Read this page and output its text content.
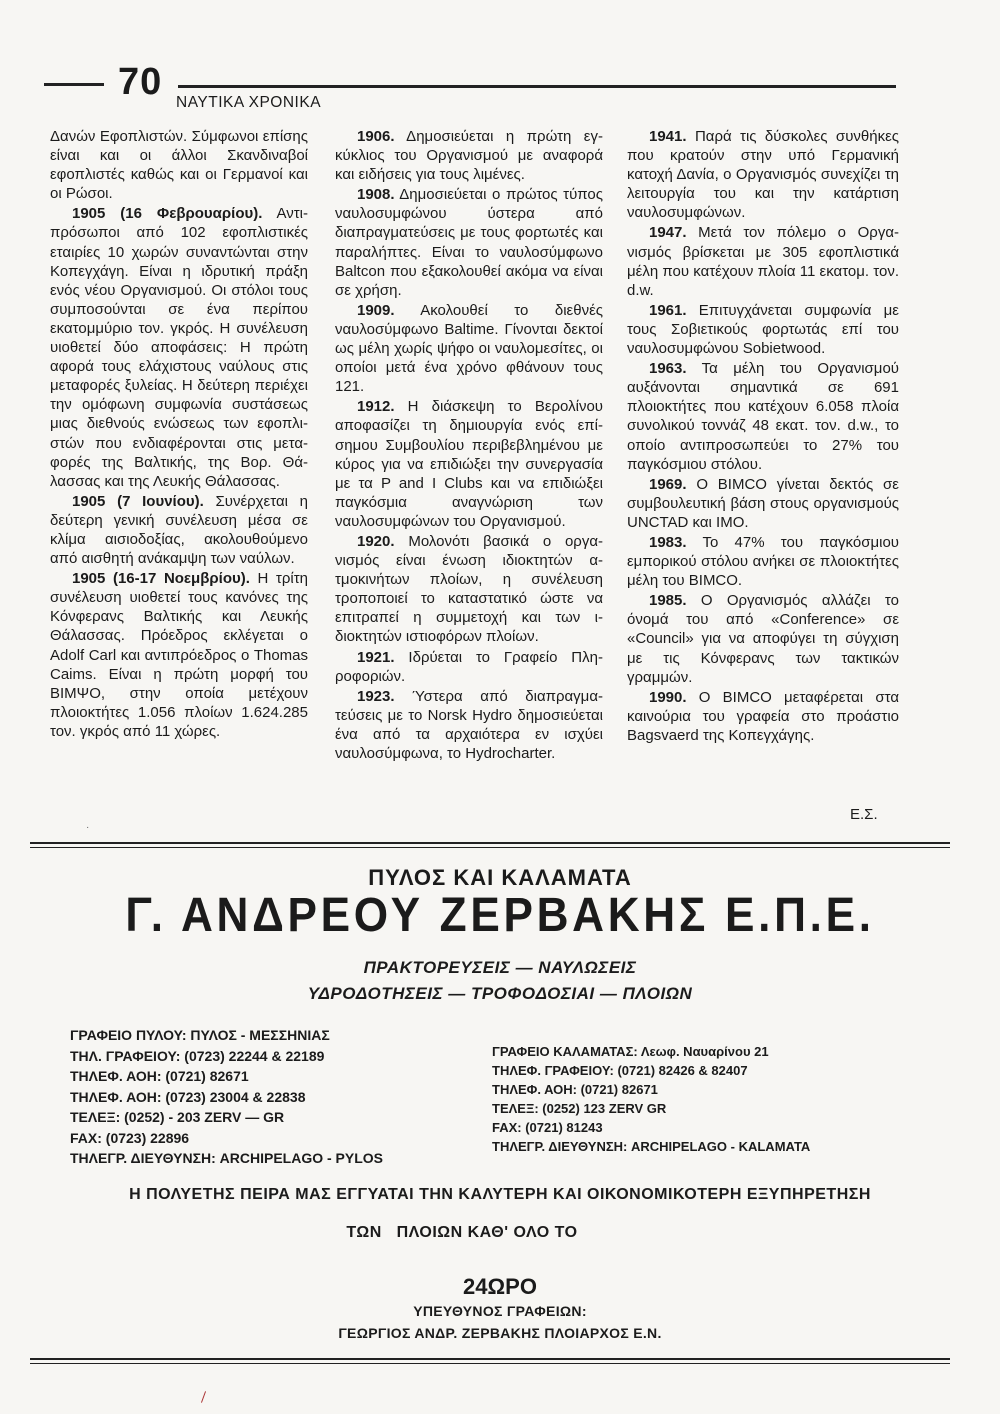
70 ΝΑΥΤΙΚΑ ΧΡΟΝΙΚΑ

Δανών Εφοπλιστών. Σύμφωνοι επίσης είναι και οι άλλοι Σκανδιναβοί εφοπλιστές καθώς και οι Γερμανοί και οι Ρώσοι.

1905 (16 Φεβρουαρίου). Αντιπρόσωποι από 102 εφοπλιστικές εταιρίες 10 χωρών συναντώνται στην Κοπεγχάγη. Είναι η ιδρυτική πράξη ενός νέου Οργανισμού. Οι στόλοι τους συμποσούνται σε ένα περίπου εκατομμύριο τον. γκρός. Η συνέλευση υιοθετεί δύο αποφάσεις: Η πρώτη αφορά τους ελάχιστους ναύλους στις μεταφορές ξυλείας. Η δεύτερη περιέχει την ομόφωνη συμφωνία συστάσεως μιας διεθνούς ενώσεως των εφοπλιστών που ενδιαφέρονται στις μεταφορές της Βαλτικής, της Βορ. Θάλασσας και της Λευκής Θάλασσας.

1905 (7 Ιουνίου). Συνέρχεται η δεύτερη γενική συνέλευση μέσα σε κλίμα αισιοδοξίας, ακολουθούμενο από αισθητή ανάκαμψη των ναύλων.

1905 (16-17 Νοεμβρίου). Η τρίτη συνέλευση υιοθετεί τους κανόνες της Κόνφερανς Βαλτικής και Λευκής Θάλασσας. Πρόεδρος εκλέγεται ο Adolf Carl και αντιπρόεδρος ο Thomas Caims. Είναι η πρώτη μορφή του ΒΙΜΨΟ, στην οποία μετέχουν πλοιοκτήτες 1.056 πλοίων 1.624.285 τον. γκρός από 11 χώρες.

1906. Δημοσιεύεται η πρώτη εγκύκλιος του Οργανισμού με αναφορά και ειδήσεις για τους λιμένες.

1908. Δημοσιεύεται ο πρώτος τύπος ναυλοσυμφώνου ύστερα από διαπραγματεύσεις με τους φορτωτές και παραλήπτες. Είναι το ναυλοσύμφωνο Baltcon που εξακολουθεί ακόμα να είναι σε χρήση.

1909. Ακολουθεί το διεθνές ναυλοσύμφωνο Baltime. Γίνονται δεκτοί ως μέλη χωρίς ψήφο οι ναυλομεσίτες, οι οποίοι μετά ένα χρόνο φθάνουν τους 121.

1912. Η διάσκεψη το Βερολίνου αποφασίζει τη δημιουργία ενός επίσημου Συμβουλίου περιβεβλημένου με κύρος για να επιδιώξει την συνεργασία με τα P and I Clubs και να επιδιώξει παγκόσμια αναγνώριση των ναυλοσυμφώνων του Οργανισμού.

1920. Μολονότι βασικά ο οργανισμός είναι ένωση ιδιοκτητών ατμοκινήτων πλοίων, η συνέλευση τροποποιεί το καταστατικό ώστε να επιτραπεί η συμμετοχή και των ιδιοκτητών ιστιοφόρων πλοίων.

1921. Ιδρύεται το Γραφείο Πληροφοριών.

1923. Ύστερα από διαπραγματεύσεις με το Norsk Hydro δημοσιεύεται ένα από τα αρχαιότερα εν ισχύει ναυλοσύμφωνα, το Hydrocharter.

1941. Παρά τις δύσκολες συνθήκες που κρατούν στην υπό Γερμανική κατοχή Δανία, ο Οργανισμός συνεχίζει τη λειτουργία του και την κατάρτιση ναυλοσυμφώνων.

1947. Μετά τον πόλεμο ο Οργανισμός βρίσκεται με 305 εφοπλιστικά μέλη που κατέχουν πλοία 11 εκατομ. τον. d.w.

1961. Επιτυγχάνεται συμφωνία με τους Σοβιετικούς φορτωτάς επί του ναυλοσυμφώνου Sobietwood.

1963. Τα μέλη του Οργανισμού αυξάνονται σημαντικά σε 691 πλοιοκτήτες που κατέχουν 6.058 πλοία συνολικού τοννάζ 48 εκατ. τον. d.w., το οποίο αντιπροσωπεύει το 27% του παγκόσμιου στόλου.

1969. Ο BIMCO γίνεται δεκτός σε συμβουλευτική βάση στους οργανισμούς UNCTAD και IMO.

1983. Το 47% του παγκόσμιου εμπορικού στόλου ανήκει σε πλοιοκτήτες μέλη του BIMCO.

1985. Ο Οργανισμός αλλάζει το όνομά του από «Conference» σε «Council» για να αποφύγει τη σύγχιση με τις Κόνφερανς των τακτικών γραμμών.

1990. Ο BIMCO μεταφέρεται στα καινούρια του γραφεία στο προάστιο Bagsvaerd της Κοπεγχάγης.

Ε.Σ.
·
ΠΥΛΟΣ ΚΑΙ ΚΑΛΑΜΑΤΑ
Γ. ΑΝΔΡΕΟΥ ΖΕΡΒΑΚΗΣ Ε.Π.Ε.
ΠΡΑΚΤΟΡΕΥΣΕΙΣ — ΝΑΥΛΩΣΕΙΣ
ΥΔΡΟΔΟΤΗΣΕΙΣ — ΤΡΟΦΟΔΟΣΙΑΙ — ΠΛΟΙΩΝ
ΓΡΑΦΕΙΟ ΠΥΛΟΥ: ΠΥΛΟΣ - ΜΕΣΣΗΝΙΑΣ
ΤΗΛ. ΓΡΑΦΕΙΟΥ: (0723) 22244 & 22189
ΤΗΛΕΦ. ΑΟΗ: (0721) 82671
ΤΗΛΕΦ. ΑΟΗ: (0723) 23004 & 22838
ΤΕΛΕΞ: (0252) - 203 ZERV — GR
FAX: (0723) 22896
ΤΗΛΕΓΡ. ΔΙΕΥΘΥΝΣΗ: ARCHIPELAGO - PYLOS
ΓΡΑΦΕΙΟ ΚΑΛΑΜΑΤΑΣ: Λεωφ. Ναυαρίνου 21
ΤΗΛΕΦ. ΓΡΑΦΕΙΟΥ: (0721) 82426 & 82407
ΤΗΛΕΦ. ΑΟΗ: (0721) 82671
ΤΕΛΕΞ: (0252) 123 ZERV GR
FAX: (0721) 81243
ΤΗΛΕΓΡ. ΔΙΕΥΘΥΝΣΗ: ARCHIPELAGO - KALAMATA
Η ΠΟΛΥΕΤΗΣ ΠΕΙΡΑ ΜΑΣ ΕΓΓΥΑΤΑΙ ΤΗΝ ΚΑΛΥΤΕΡΗ ΚΑΙ ΟΙΚΟΝΟΜΙΚΟΤΕΡΗ ΕΞΥΠΗΡΕΤΗΣΗ
ΤΩΝ   ΠΛΟΙΩΝ ΚΑΘ' ΟΛΟ ΤΟ
24ΩΡΟ
ΥΠΕΥΘΥΝΟΣ ΓΡΑΦΕΙΩΝ:
ΓΕΩΡΓΙΟΣ ΑΝΔΡ. ΖΕΡΒΑΚΗΣ ΠΛΟΙΑΡΧΟΣ Ε.Ν.
